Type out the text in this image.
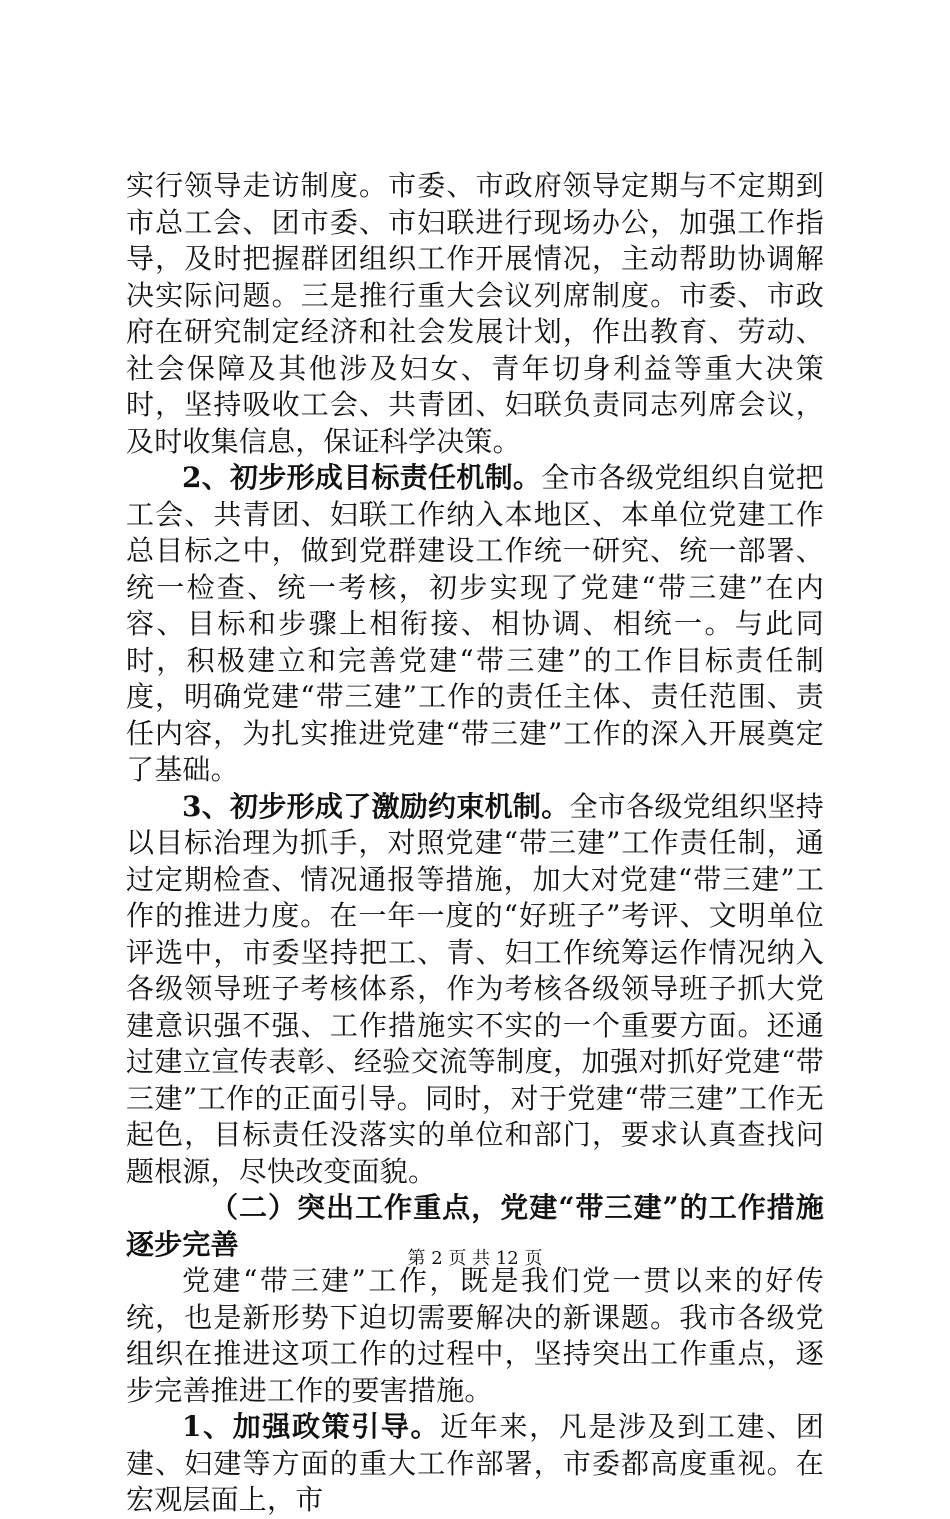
实行领导走访制度。市委、市政府领导定期与不定期到市总工会、团市委、市妇联进行现场办公，加强工作指导，及时把握群团组织工作开展情况，主动帮助协调解决实际问题。三是推行重大会议列席制度。市委、市政府在研究制定经济和社会发展计划，作出教育、劳动、社会保障及其他涉及妇女、青年切身利益等重大决策时，坚持吸收工会、共青团、妇联负责同志列席会议，及时收集信息，保证科学决策。

2、初步形成目标责任机制。全市各级党组织自觉把工会、共青团、妇联工作纳入本地区、本单位党建工作总目标之中，做到党群建设工作统一研究、统一部署、统一检查、统一考核，初步实现了党建“带三建”在内容、目标和步骤上相衔接、相协调、相统一。与此同时，积极建立和完善党建“带三建”的工作目标责任制度，明确党建“带三建”工作的责任主体、责任范围、责任内容，为扎实推进党建“带三建”工作的深入开展奠定了基础。

3、初步形成了激励约束机制。全市各级党组织坚持以目标治理为抓手，对照党建“带三建”工作责任制，通过定期检查、情况通报等措施，加大对党建“带三建”工作的推进力度。在一年一度的“好班子”考评、文明单位评选中，市委坚持把工、青、妇工作统筹运作情况纳入各级领导班子考核体系，作为考核各级领导班子抓大党建意识强不强、工作措施实不实的一个重要方面。还通过建立宣传表彰、经验交流等制度，加强对抓好党建“带三建”工作的正面引导。同时，对于党建“带三建”工作无起色，目标责任没落实的单位和部门，要求认真查找问题根源，尽快改变面貌。

（二）突出工作重点，党建“带三建”的工作措施逐步完善

党建“带三建”工作，既是我们党一贯以来的好传统，也是新形势下迫切需要解决的新课题。我市各级党组织在推进这项工作的过程中，坚持突出工作重点，逐步完善推进工作的要害措施。

1、加强政策引导。近年来，凡是涉及到工建、团建、妇建等方面的重大工作部署，市委都高度重视。在宏观层面上，市

第 2 页 共 12 页
